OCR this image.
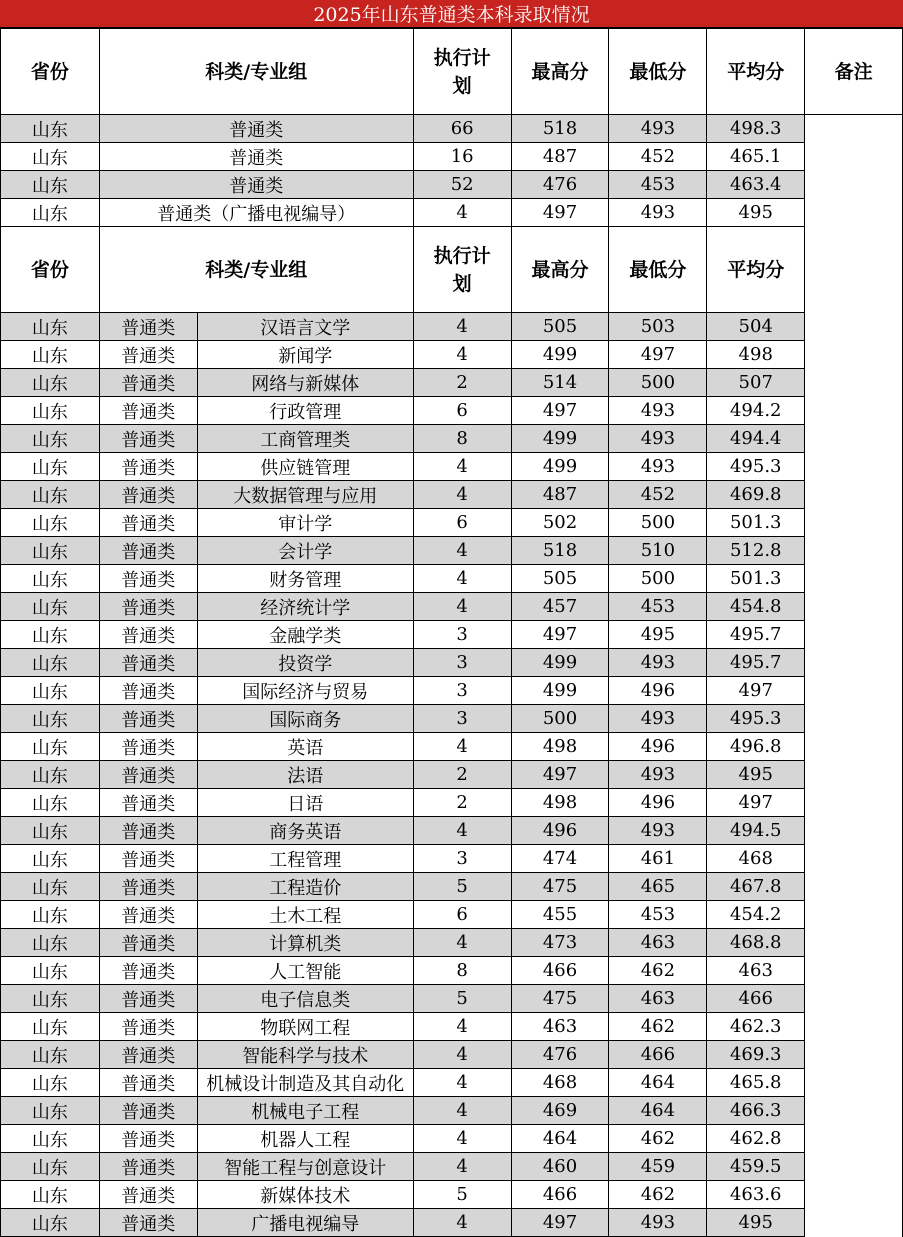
2025年山东普通类本科录取情况
省份	科类/专业组		执行计划	最高分	最低分	平均分	备注
山东	普通类		66	518	493	498.3	
山东	普通类		16	487	452	465.1	
山东	普通类		52	476	453	463.4	
山东	普通类（广播电视编导）		4	497	493	495	
省份	科类/专业组		执行计划	最高分	最低分	平均分	
山东	普通类	汉语言文学	4	505	503	504	
山东	普通类	新闻学	4	499	497	498	
山东	普通类	网络与新媒体	2	514	500	507	
山东	普通类	行政管理	6	497	493	494.2	
山东	普通类	工商管理类	8	499	493	494.4	
山东	普通类	供应链管理	4	499	493	495.3	
山东	普通类	大数据管理与应用	4	487	452	469.8	
山东	普通类	审计学	6	502	500	501.3	
山东	普通类	会计学	4	518	510	512.8	
山东	普通类	财务管理	4	505	500	501.3	
山东	普通类	经济统计学	4	457	453	454.8	
山东	普通类	金融学类	3	497	495	495.7	
山东	普通类	投资学	3	499	493	495.7	
山东	普通类	国际经济与贸易	3	499	496	497	
山东	普通类	国际商务	3	500	493	495.3	
山东	普通类	英语	4	498	496	496.8	
山东	普通类	法语	2	497	493	495	
山东	普通类	日语	2	498	496	497	
山东	普通类	商务英语	4	496	493	494.5	
山东	普通类	工程管理	3	474	461	468	
山东	普通类	工程造价	5	475	465	467.8	
山东	普通类	土木工程	6	455	453	454.2	
山东	普通类	计算机类	4	473	463	468.8	
山东	普通类	人工智能	8	466	462	463	
山东	普通类	电子信息类	5	475	463	466	
山东	普通类	物联网工程	4	463	462	462.3	
山东	普通类	智能科学与技术	4	476	466	469.3	
山东	普通类	机械设计制造及其自动化	4	468	464	465.8	
山东	普通类	机械电子工程	4	469	464	466.3	
山东	普通类	机器人工程	4	464	462	462.8	
山东	普通类	智能工程与创意设计	4	460	459	459.5	
山东	普通类	新媒体技术	5	466	462	463.6	
山东	普通类	广播电视编导	4	497	493	495	
